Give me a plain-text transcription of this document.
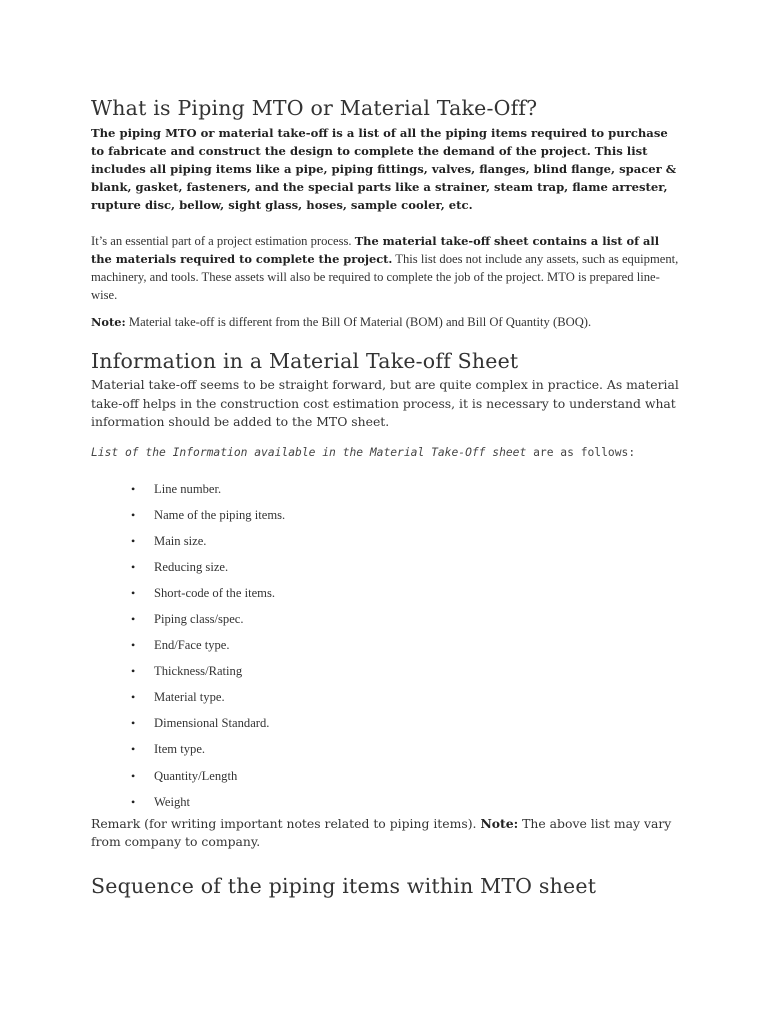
What is Piping MTO or Material Take-Off?

The piping MTO or material take-off is a list of all the piping items required to purchase to fabricate and construct the design to complete the demand of the project. This list includes all piping items like a pipe, piping fittings, valves, flanges, blind flange, spacer & blank, gasket, fasteners, and the special parts like a strainer, steam trap, flame arrester, rupture disc, bellow, sight glass, hoses, sample cooler, etc.

It’s an essential part of a project estimation process. The material take-off sheet contains a list of all the materials required to complete the project. This list does not include any assets, such as equipment, machinery, and tools. These assets will also be required to complete the job of the project. MTO is prepared line-wise.

Note: Material take-off is different from the Bill Of Material (BOM) and Bill Of Quantity (BOQ).

Information in a Material Take-off Sheet

Material take-off seems to be straight forward, but are quite complex in practice. As material take-off helps in the construction cost estimation process, it is necessary to understand what information should be added to the MTO sheet.

List of the Information available in the Material Take-Off sheet are as follows:

• Line number.
• Name of the piping items.
• Main size.
• Reducing size.
• Short-code of the items.
• Piping class/spec.
• End/Face type.
• Thickness/Rating
• Material type.
• Dimensional Standard.
• Item type.
• Quantity/Length
• Weight

Remark (for writing important notes related to piping items). Note: The above list may vary from company to company.

Sequence of the piping items within MTO sheet
